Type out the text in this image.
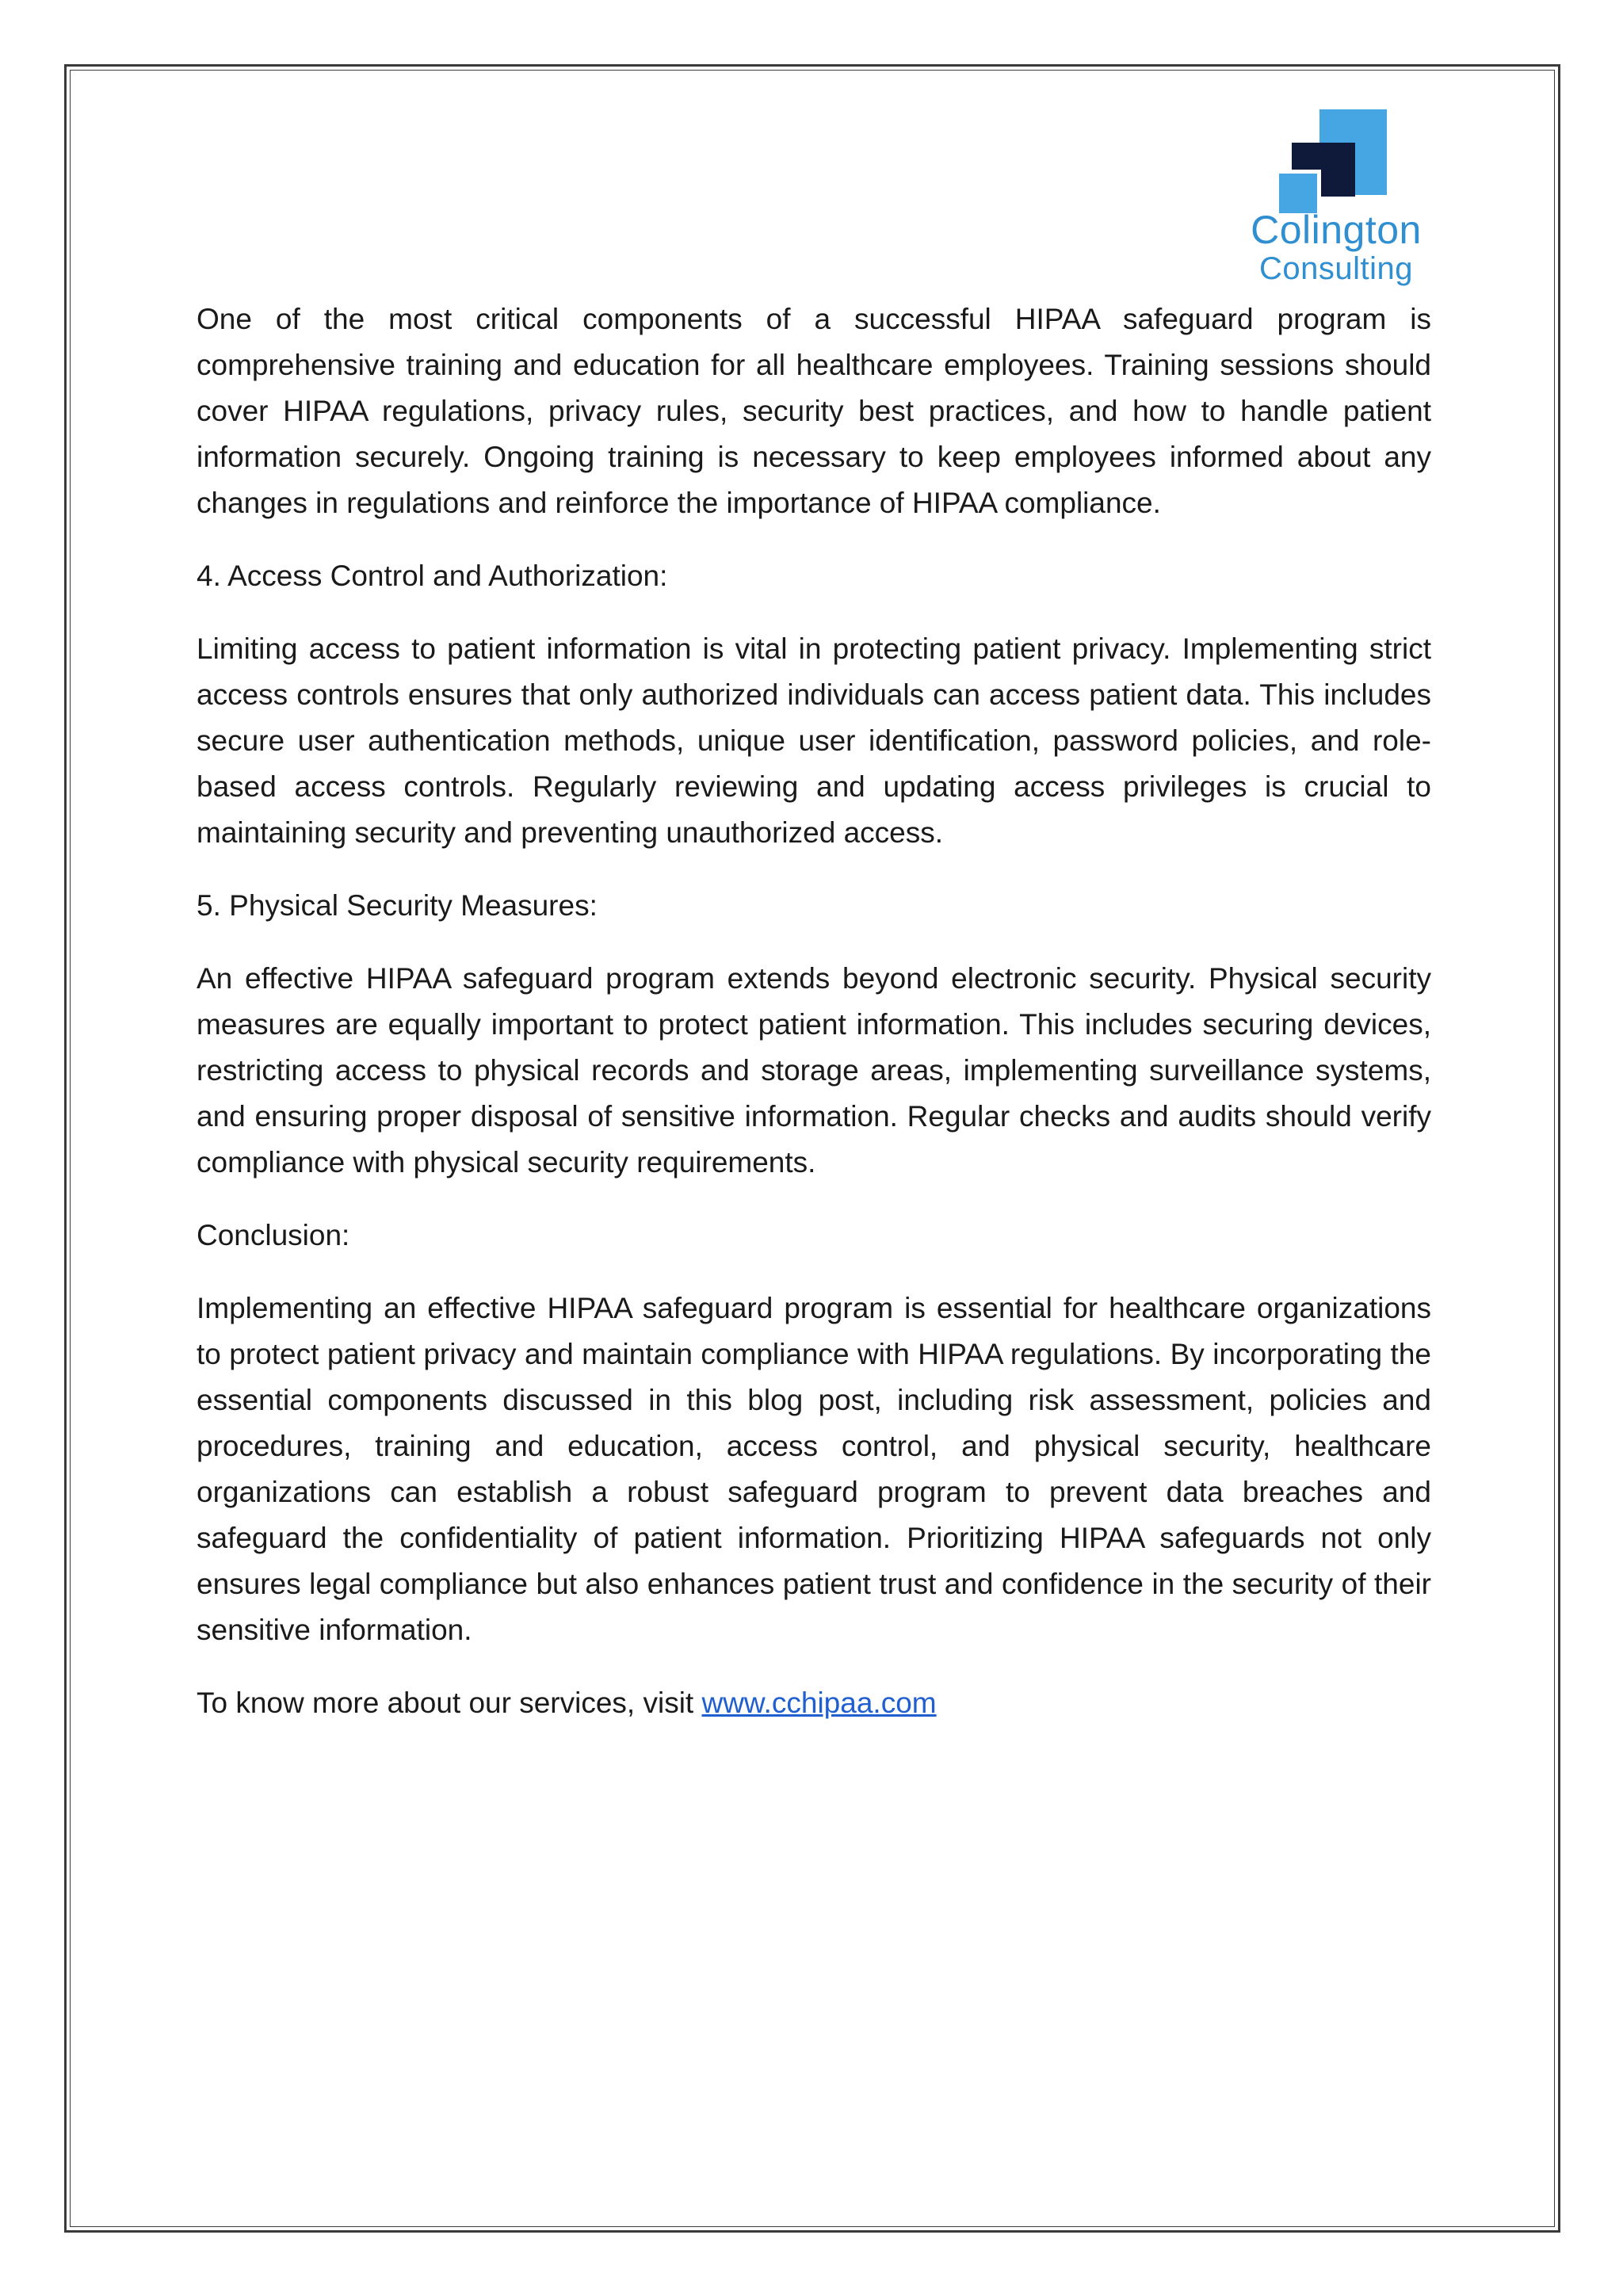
Colington
Consulting

One of the most critical components of a successful HIPAA safeguard program is comprehensive training and education for all healthcare employees. Training sessions should cover HIPAA regulations, privacy rules, security best practices, and how to handle patient information securely. Ongoing training is necessary to keep employees informed about any changes in regulations and reinforce the importance of HIPAA compliance.

4. Access Control and Authorization:

Limiting access to patient information is vital in protecting patient privacy. Implementing strict access controls ensures that only authorized individuals can access patient data. This includes secure user authentication methods, unique user identification, password policies, and role-based access controls. Regularly reviewing and updating access privileges is crucial to maintaining security and preventing unauthorized access.

5. Physical Security Measures:

An effective HIPAA safeguard program extends beyond electronic security. Physical security measures are equally important to protect patient information. This includes securing devices, restricting access to physical records and storage areas, implementing surveillance systems, and ensuring proper disposal of sensitive information. Regular checks and audits should verify compliance with physical security requirements.

Conclusion:

Implementing an effective HIPAA safeguard program is essential for healthcare organizations to protect patient privacy and maintain compliance with HIPAA regulations. By incorporating the essential components discussed in this blog post, including risk assessment, policies and procedures, training and education, access control, and physical security, healthcare organizations can establish a robust safeguard program to prevent data breaches and safeguard the confidentiality of patient information. Prioritizing HIPAA safeguards not only ensures legal compliance but also enhances patient trust and confidence in the security of their sensitive information.

To know more about our services, visit www.cchipaa.com
